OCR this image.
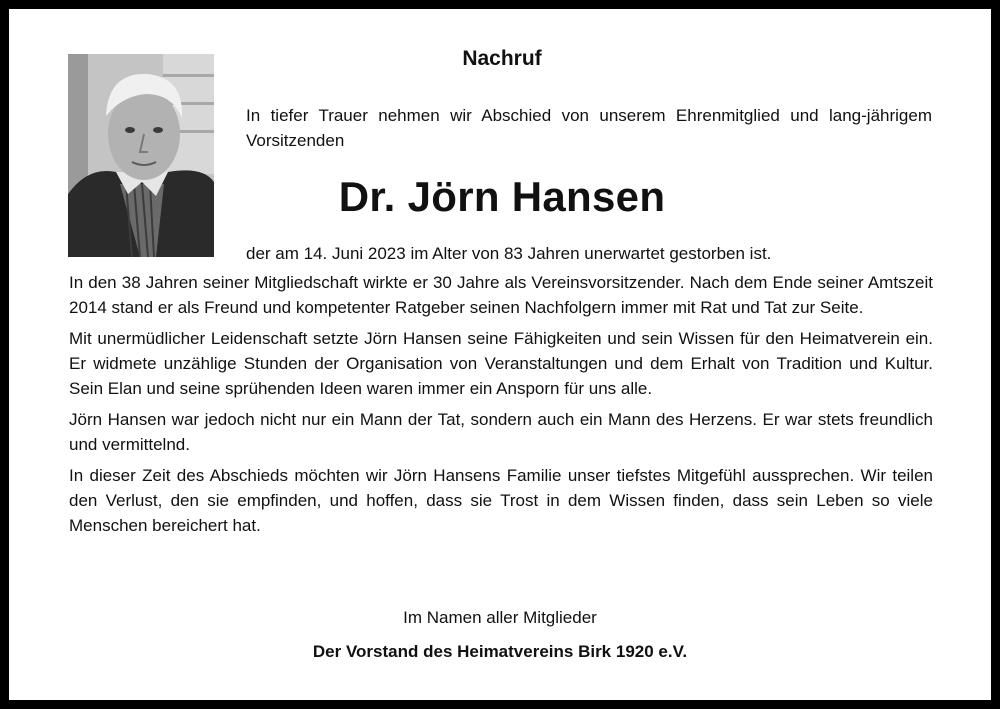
Nachruf
In tiefer Trauer nehmen wir Abschied von unserem Ehrenmitglied und lang-jährigem Vorsitzenden
Dr. Jörn Hansen
der am 14. Juni 2023 im Alter von 83 Jahren unerwartet gestorben ist.

In den 38 Jahren seiner Mitgliedschaft wirkte er 30 Jahre als Vereinsvorsitzender. Nach dem Ende seiner Amtszeit 2014 stand er als Freund und kompetenter Ratgeber seinen Nachfolgern immer mit Rat und Tat zur Seite.

Mit unermüdlicher Leidenschaft setzte Jörn Hansen seine Fähigkeiten und sein Wissen für den Heimatverein ein. Er widmete unzählige Stunden der Organisation von Veranstaltungen und dem Erhalt von Tradition und Kultur. Sein Elan und seine sprühenden Ideen waren immer ein Ansporn für uns alle.

Jörn Hansen war jedoch nicht nur ein Mann der Tat, sondern auch ein Mann des Herzens. Er war stets freundlich und vermittelnd.

In dieser Zeit des Abschieds möchten wir Jörn Hansens Familie unser tiefstes Mitgefühl aussprechen. Wir teilen den Verlust, den sie empfinden, und hoffen, dass sie Trost in dem Wissen finden, dass sein Leben so viele Menschen bereichert hat.

Im Namen aller Mitglieder
Der Vorstand des Heimatvereins Birk 1920 e.V.
